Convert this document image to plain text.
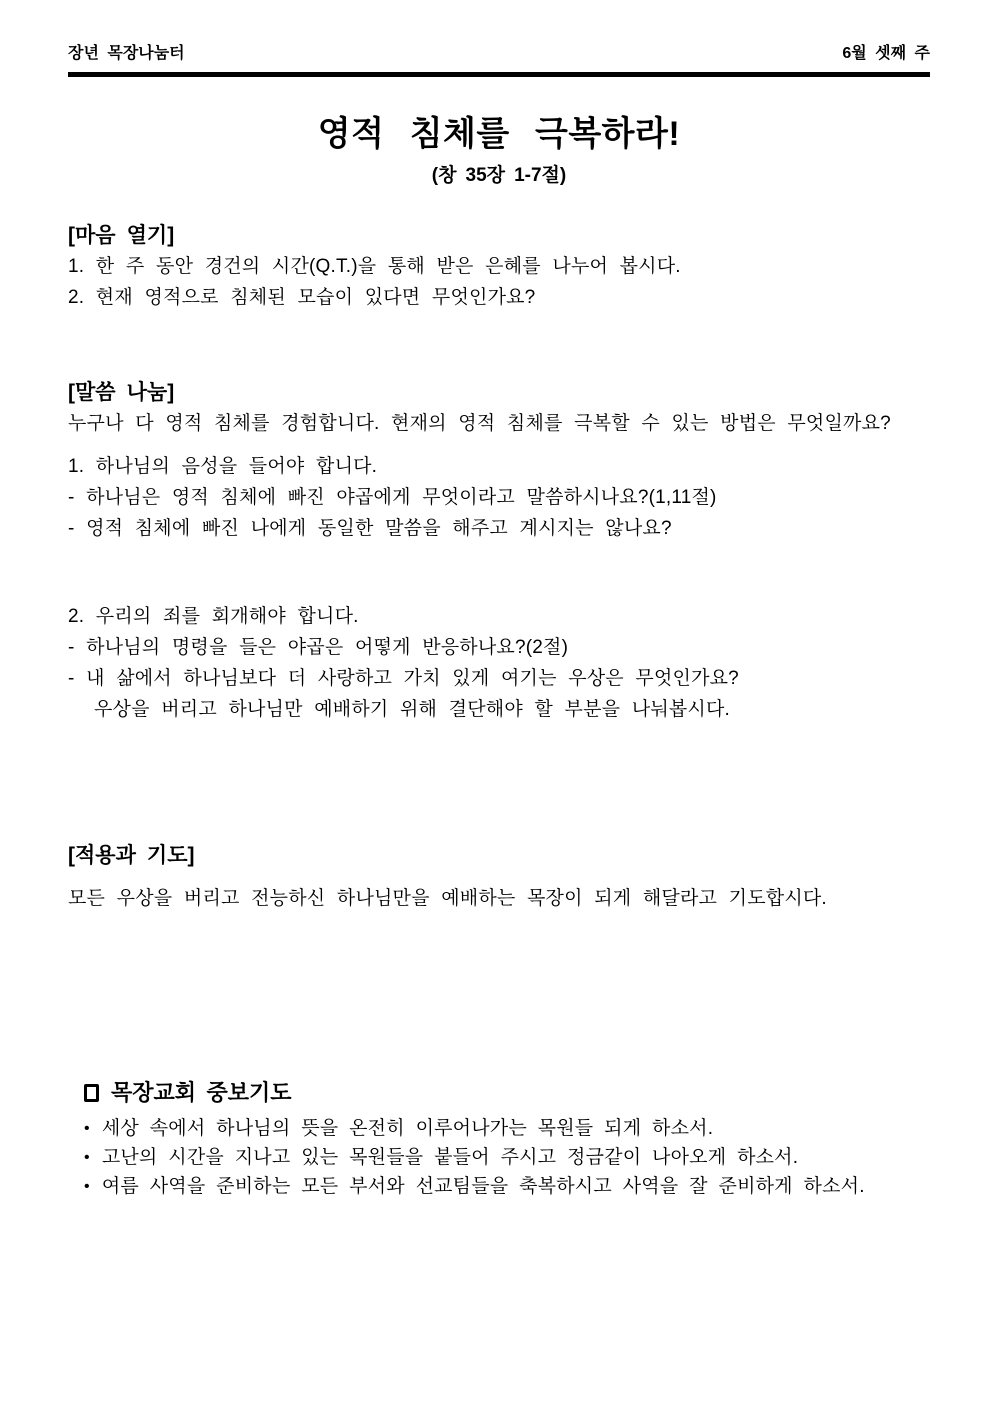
장년 목장나눔터	6월 셋째 주
영적 침체를 극복하라!
(창 35장 1-7절)
[마음 열기]
1. 한 주 동안 경건의 시간(Q.T.)을 통해 받은 은혜를 나누어 봅시다.
2. 현재 영적으로 침체된 모습이 있다면 무엇인가요?
[말씀 나눔]
누구나 다 영적 침체를 경험합니다. 현재의 영적 침체를 극복할 수 있는 방법은 무엇일까요?
1. 하나님의 음성을 들어야 합니다.
- 하나님은 영적 침체에 빠진 야곱에게 무엇이라고 말씀하시나요?(1,11절)
- 영적 침체에 빠진 나에게 동일한 말씀을 해주고 계시지는 않나요?
2. 우리의 죄를 회개해야 합니다.
- 하나님의 명령을 들은 야곱은 어떻게 반응하나요?(2절)
- 내 삶에서 하나님보다 더 사랑하고 가치 있게 여기는 우상은 무엇인가요?
우상을 버리고 하나님만 예배하기 위해 결단해야 할 부분을 나눠봅시다.
[적용과 기도]
모든 우상을 버리고 전능하신 하나님만을 예배하는 목장이 되게 해달라고 기도합시다.
목장교회 중보기도
• 세상 속에서 하나님의 뜻을 온전히 이루어나가는 목원들 되게 하소서.
• 고난의 시간을 지나고 있는 목원들을 붙들어 주시고 정금같이 나아오게 하소서.
• 여름 사역을 준비하는 모든 부서와 선교팀들을 축복하시고 사역을 잘 준비하게 하소서.
